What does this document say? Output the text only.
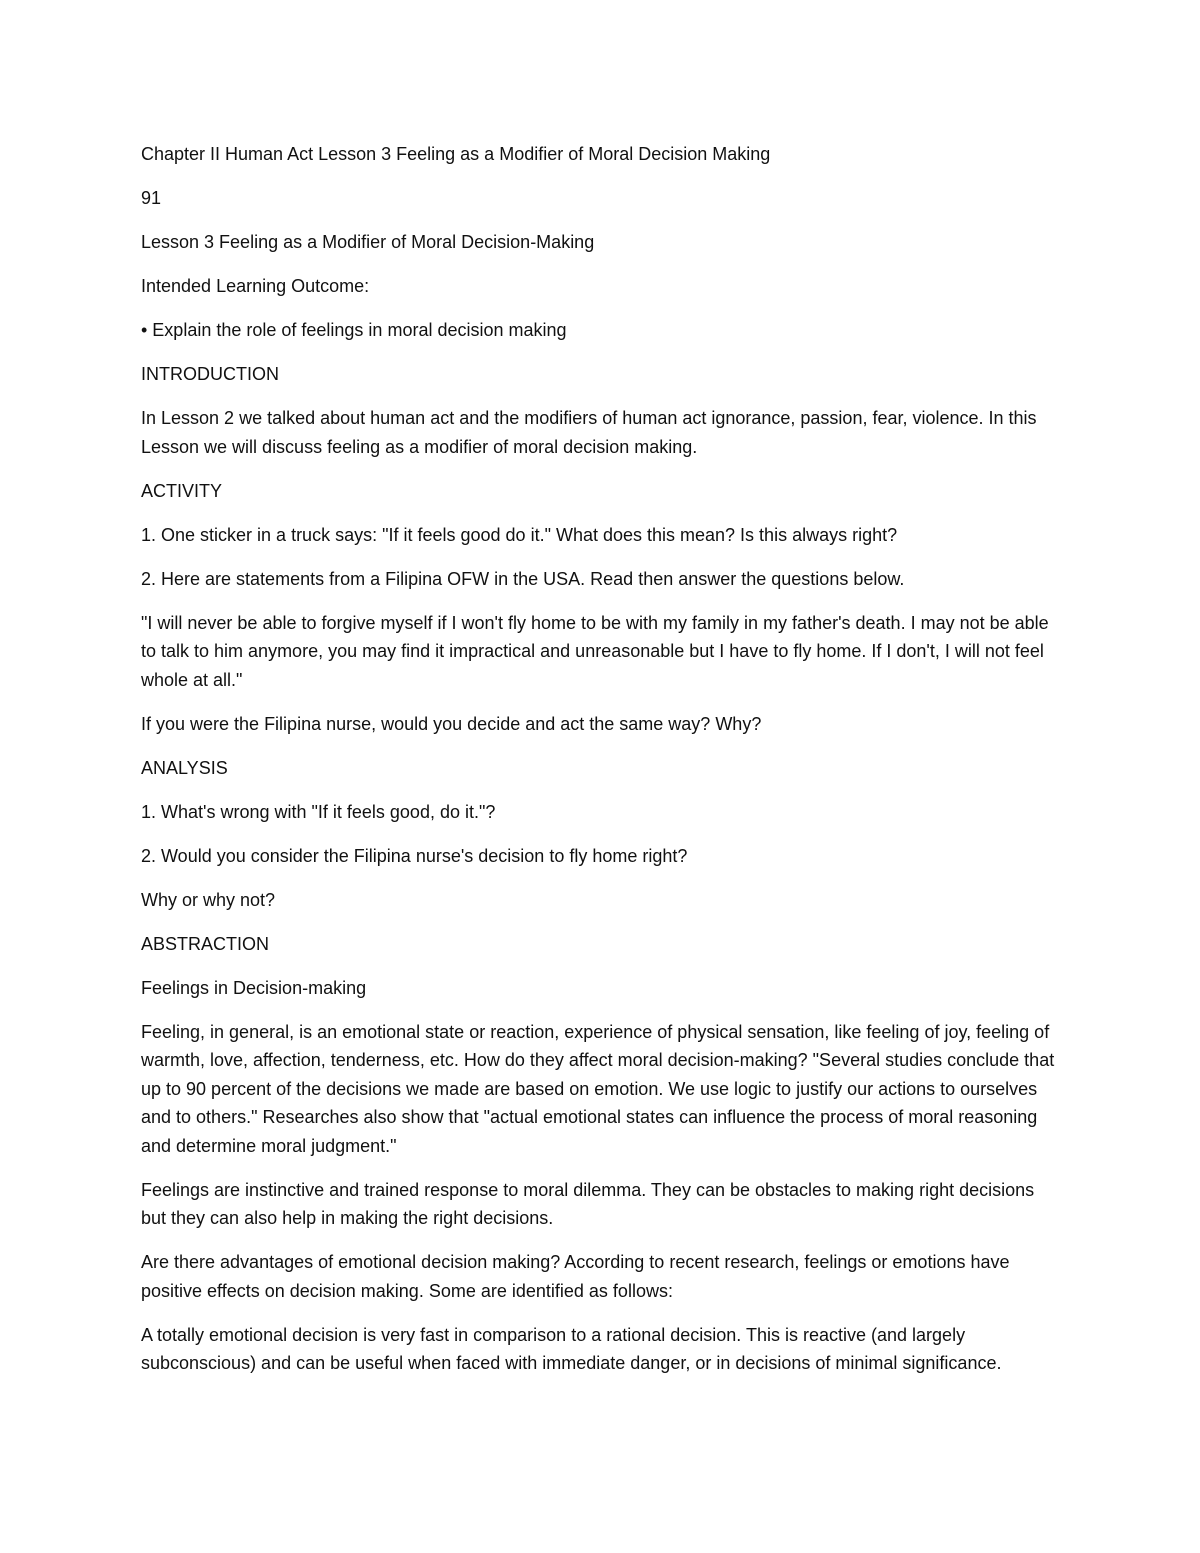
Chapter II Human Act Lesson 3 Feeling as a Modifier of Moral Decision Making

91

Lesson 3 Feeling as a Modifier of Moral Decision-Making

Intended Learning Outcome:

• Explain the role of feelings in moral decision making

INTRODUCTION

In Lesson 2 we talked about human act and the modifiers of human act ignorance, passion, fear, violence. In this Lesson we will discuss feeling as a modifier of moral decision making.

ACTIVITY

1. One sticker in a truck says: "If it feels good do it." What does this mean? Is this always right?

2. Here are statements from a Filipina OFW in the USA. Read then answer the questions below.

"I will never be able to forgive myself if I won't fly home to be with my family in my father's death. I may not be able to talk to him anymore, you may find it impractical and unreasonable but I have to fly home. If I don't, I will not feel whole at all."

If you were the Filipina nurse, would you decide and act the same way? Why?

ANALYSIS

1. What's wrong with "If it feels good, do it."?

2. Would you consider the Filipina nurse's decision to fly home right?

Why or why not?

ABSTRACTION

Feelings in Decision-making

Feeling, in general, is an emotional state or reaction, experience of physical sensation, like feeling of joy, feeling of warmth, love, affection, tenderness, etc. How do they affect moral decision-making? "Several studies conclude that up to 90 percent of the decisions we made are based on emotion. We use logic to justify our actions to ourselves and to others." Researches also show that "actual emotional states can influence the process of moral reasoning and determine moral judgment."

Feelings are instinctive and trained response to moral dilemma. They can be obstacles to making right decisions but they can also help in making the right decisions.

Are there advantages of emotional decision making? According to recent research, feelings or emotions have positive effects on decision making. Some are identified as follows:

A totally emotional decision is very fast in comparison to a rational decision. This is reactive (and largely subconscious) and can be useful when faced with immediate danger, or in decisions of minimal significance.
